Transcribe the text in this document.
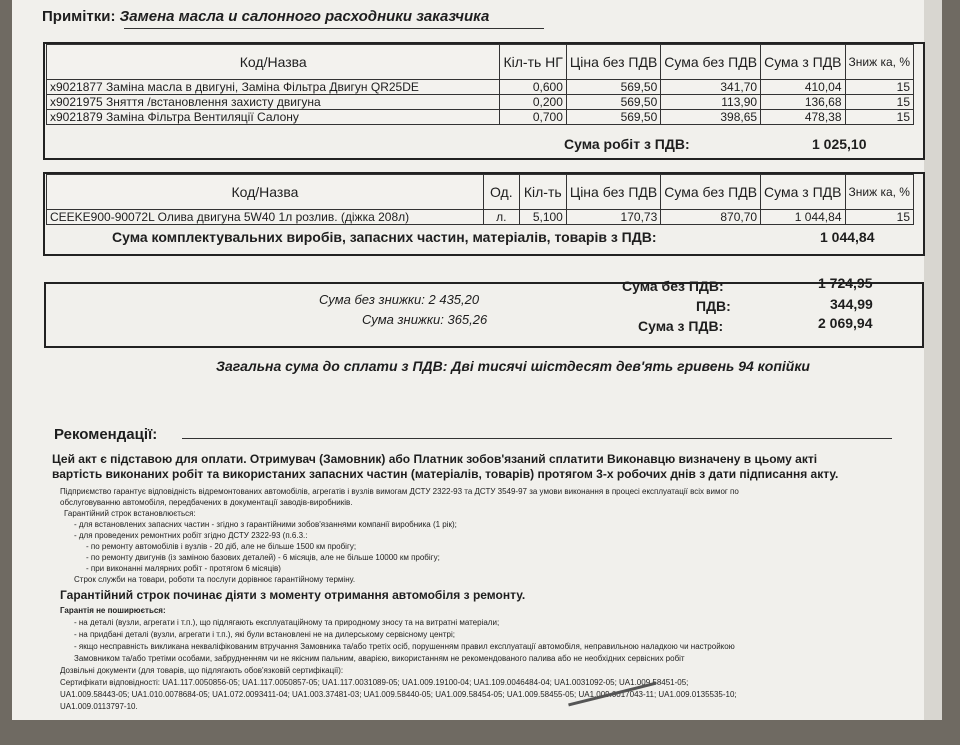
Примітки: Замена масла и салонного расходники заказчика
Код/Назва	Кіл-ть НГ	Ціна без ПДВ	Сума без ПДВ	Сума з ПДВ	Зниж ка, %
x9021877 Заміна масла в двигуні, Заміна Фільтра Двигун QR25DE	0,600	569,50	341,70	410,04	15
x9021975 Зняття /встановлення захисту двигуна	0,200	569,50	113,90	136,68	15
x9021879 Заміна Фільтра Вентиляції Салону	0,700	569,50	398,65	478,38	15
Сума робіт з ПДВ:	1 025,10
Код/Назва	Од.	Кіл-ть	Ціна без ПДВ	Сума без ПДВ	Сума з ПДВ	Зниж ка, %
CEEKE900-90072L Олива двигуна 5W40 1л розлив. (діжка 208л)	л.	5,100	170,73	870,70	1 044,84	15
Сума комплектувальних виробів, запасних частин, матеріалів, товарів з ПДВ:	1 044,84
Сума без знижки: 2 435,20
Сума знижки: 365,26
Сума без ПДВ:	1 724,95
ПДВ:	344,99
Сума з ПДВ:	2 069,94
Загальна сума до сплати з ПДВ: Дві тисячі шістдесят дев'ять гривень 94 копійки
Рекомендації:
Цей акт є підставою для оплати. Отримувач (Замовник) або Платник зобов'язаний сплатити Виконавцю визначену в цьому акті
вартість виконаних робіт та використаних запасних частин (матеріалів, товарів) протягом 3-х робочих днів з дати підписання акту.
Підприємство гарантує відповідність відремонтованих автомобілів, агрегатів і вузлів вимогам ДСТУ 2322-93 та ДСТУ 3549-97 за умови виконання в процесі експлуатації всіх вимог по
обслуговуванню автомобіля, передбачених в документації заводів-виробників.
Гарантійний строк встановлюється:
- для встановлених запасних частин - згідно з гарантійними зобов'язаннями компанії виробника (1 рік);
- для проведених ремонтних робіт згідно ДСТУ 2322-93 (п.6.3.:
- по ремонту автомобілів і вузлів - 20 діб, але не більше 1500 км пробігу;
- по ремонту двигунів (із заміною базових деталей) - 6 місяців, але не більше 10000 км пробігу;
- при виконанні малярних робіт - протягом 6 місяців)
Строк служби на товари, роботи та послуги дорівнює гарантійному терміну.
Гарантійний строк починає діяти з моменту отримання автомобіля з ремонту.
Гарантія не поширюється:
- на деталі (вузли, агрегати і т.п.), що підлягають експлуатаційному та природному зносу та на витратні матеріали;
- на придбані деталі (вузли, агрегати і т.п.), які були встановлені не на дилерському сервісному центрі;
- якщо несправність викликана некваліфікованим втручання Замовника та/або третіх осіб, порушенням правил експлуатації автомобіля, неправильною наладкою чи настройкою
Замовником та/або третіми особами, забрудненням чи не якісним пальним, аварією, використанням не рекомендованого палива або не необхідних сервісних робіт
Дозвільні документи (для товарів, що підлягають обов'язковій сертифікації):
Сертифікати відповідності: UA1.117.0050856-05; UA1.117.0050857-05; UA1.117.0031089-05; UA1.009.19100-04; UA1.109.0046484-04; UA1.0031092-05; UA1.009.58451-05;
UA1.009.58443-05; UA1.010.0078684-05; UA1.072.0093411-04; UA1.003.37481-03; UA1.009.58440-05; UA1.009.58454-05; UA1.009.58455-05; UA1.009.0017043-11; UA1.009.0135535-10;
UA1.009.0113797-10.
